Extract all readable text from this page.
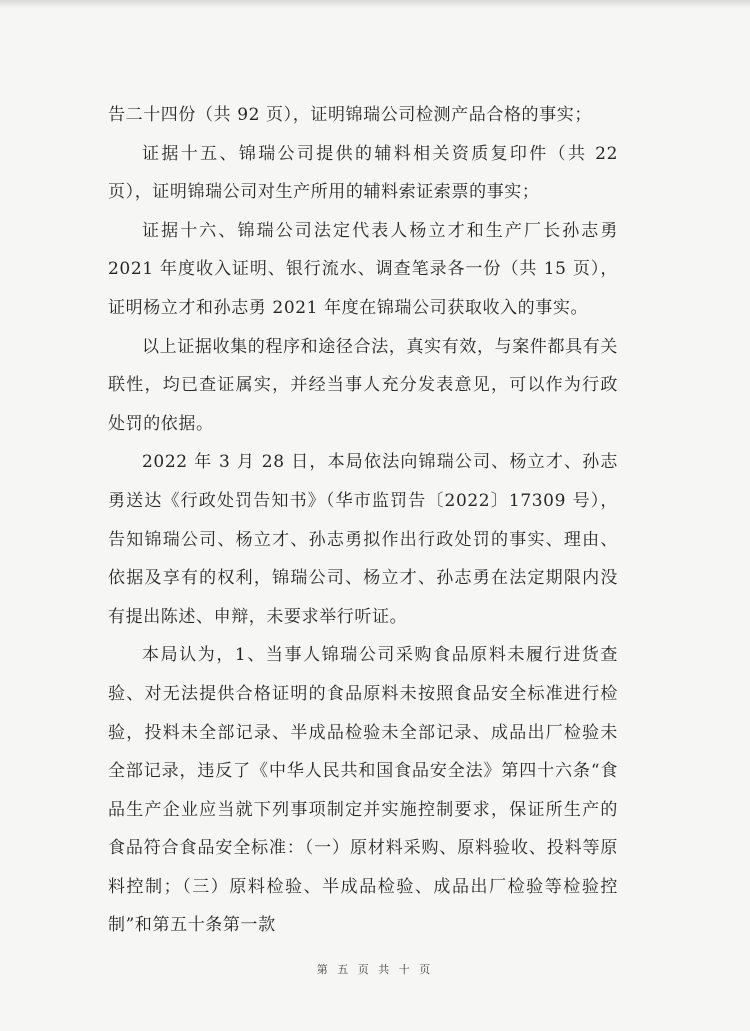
告二十四份（共 92 页），证明锦瑞公司检测产品合格的事实；

证据十五、锦瑞公司提供的辅料相关资质复印件（共 22 页），证明锦瑞公司对生产所用的辅料索证索票的事实；

证据十六、锦瑞公司法定代表人杨立才和生产厂长孙志勇 2021 年度收入证明、银行流水、调查笔录各一份（共 15 页），证明杨立才和孙志勇 2021 年度在锦瑞公司获取收入的事实。

以上证据收集的程序和途径合法，真实有效，与案件都具有关联性，均已查证属实，并经当事人充分发表意见，可以作为行政处罚的依据。

2022 年 3 月 28 日，本局依法向锦瑞公司、杨立才、孙志勇送达《行政处罚告知书》（华市监罚告〔2022〕17309 号），告知锦瑞公司、杨立才、孙志勇拟作出行政处罚的事实、理由、依据及享有的权利，锦瑞公司、杨立才、孙志勇在法定期限内没有提出陈述、申辩，未要求举行听证。

本局认为，1、当事人锦瑞公司采购食品原料未履行进货查验、对无法提供合格证明的食品原料未按照食品安全标准进行检验，投料未全部记录、半成品检验未全部记录、成品出厂检验未全部记录，违反了《中华人民共和国食品安全法》第四十六条“食品生产企业应当就下列事项制定并实施控制要求，保证所生产的食品符合食品安全标准：（一）原材料采购、原料验收、投料等原料控制；（三）原料检验、半成品检验、成品出厂检验等检验控制”和第五十条第一款

第 五 页 共 十 页
